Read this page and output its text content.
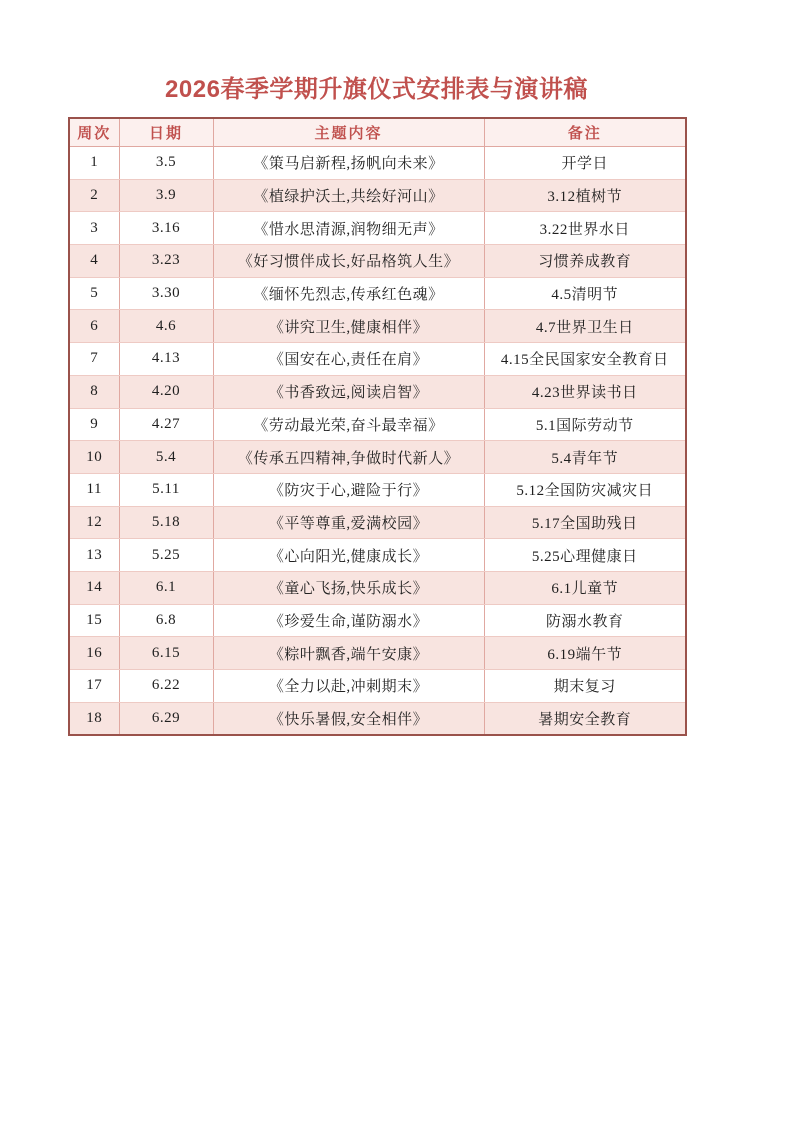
2026春季学期升旗仪式安排表与演讲稿
周次	日期	主题内容	备注
1	3.5	《策马启新程,扬帆向未来》	开学日
2	3.9	《植绿护沃土,共绘好河山》	3.12植树节
3	3.16	《惜水思清源,润物细无声》	3.22世界水日
4	3.23	《好习惯伴成长,好品格筑人生》	习惯养成教育
5	3.30	《缅怀先烈志,传承红色魂》	4.5清明节
6	4.6	《讲究卫生,健康相伴》	4.7世界卫生日
7	4.13	《国安在心,责任在肩》	4.15全民国家安全教育日
8	4.20	《书香致远,阅读启智》	4.23世界读书日
9	4.27	《劳动最光荣,奋斗最幸福》	5.1国际劳动节
10	5.4	《传承五四精神,争做时代新人》	5.4青年节
11	5.11	《防灾于心,避险于行》	5.12全国防灾减灾日
12	5.18	《平等尊重,爱满校园》	5.17全国助残日
13	5.25	《心向阳光,健康成长》	5.25心理健康日
14	6.1	《童心飞扬,快乐成长》	6.1儿童节
15	6.8	《珍爱生命,谨防溺水》	防溺水教育
16	6.15	《粽叶飘香,端午安康》	6.19端午节
17	6.22	《全力以赴,冲刺期末》	期末复习
18	6.29	《快乐暑假,安全相伴》	暑期安全教育
